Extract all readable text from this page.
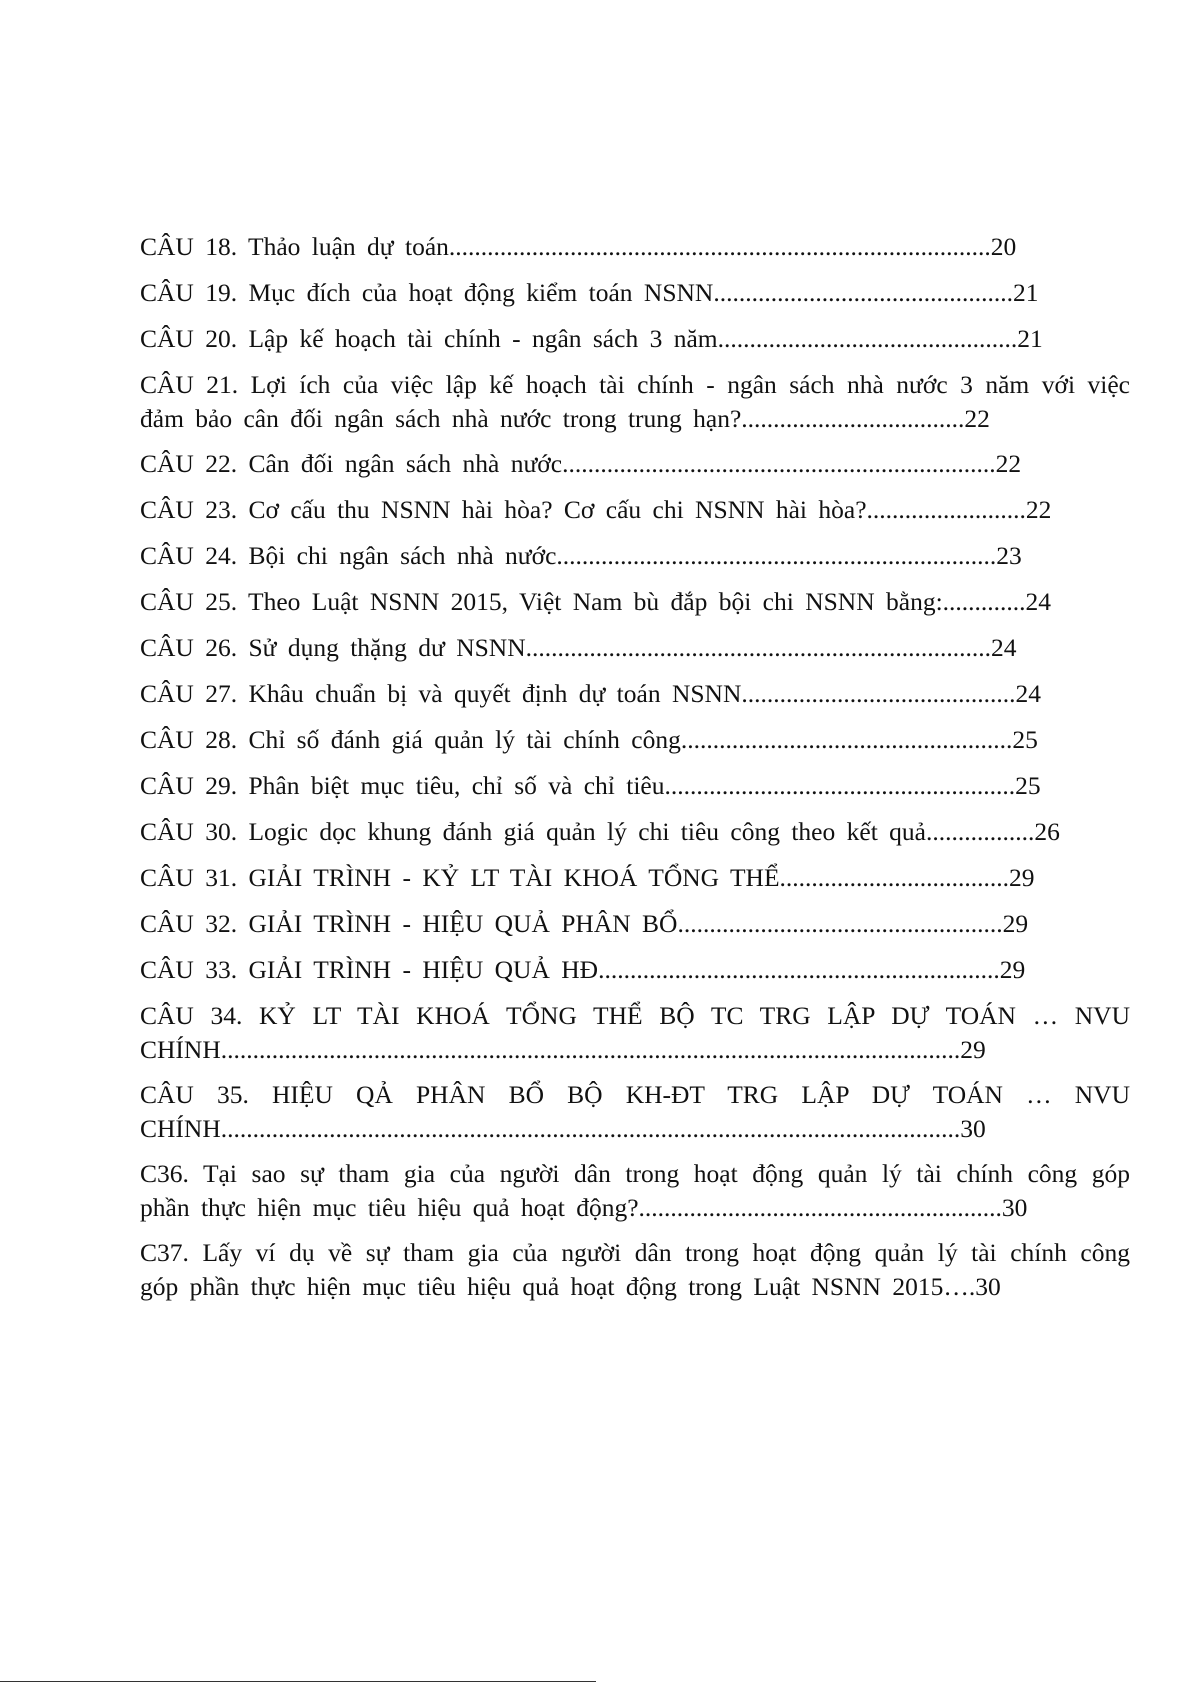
CÂU 18. Thảo luận dự toán.....................................................................................20

CÂU 19. Mục đích của hoạt động kiểm toán NSNN...............................................21

CÂU 20. Lập kế hoạch tài chính - ngân sách 3 năm...............................................21

CÂU 21. Lợi ích của việc lập kế hoạch tài chính - ngân sách nhà nước 3 năm với việc đảm bảo cân đối ngân sách nhà nước trong trung hạn?...................................22

CÂU 22. Cân đối ngân sách nhà nước....................................................................22

CÂU 23. Cơ cấu thu NSNN hài hòa? Cơ cấu chi NSNN hài hòa?.........................22

CÂU 24. Bội chi ngân sách nhà nước.....................................................................23

CÂU 25. Theo Luật NSNN 2015, Việt Nam bù đắp bội chi NSNN bằng:.............24

CÂU 26. Sử dụng thặng dư NSNN.........................................................................24

CÂU 27. Khâu chuẩn bị và quyết định dự toán NSNN...........................................24

CÂU 28. Chỉ số đánh giá quản lý tài chính công....................................................25

CÂU 29. Phân biệt mục tiêu, chỉ số và chỉ tiêu.......................................................25

CÂU 30. Logic dọc khung đánh giá quản lý chi tiêu công theo kết quả.................26

CÂU 31. GIẢI TRÌNH - KỶ LT TÀI KHOÁ TỔNG THỂ....................................29

CÂU 32. GIẢI TRÌNH - HIỆU QUẢ PHÂN BỔ...................................................29

CÂU 33. GIẢI TRÌNH - HIỆU QUẢ HĐ...............................................................29

CÂU 34. KỶ LT TÀI KHOÁ TỔNG THỂ BỘ TC TRG LẬP DỰ TOÁN … NVU CHÍNH....................................................................................................................29

CÂU 35. HIỆU QẢ PHÂN BỔ BỘ KH-ĐT TRG LẬP DỰ TOÁN … NVU CHÍNH....................................................................................................................30

C36. Tại sao sự tham gia của người dân trong hoạt động quản lý tài chính công góp phần thực hiện mục tiêu hiệu quả hoạt động?.........................................................30

C37. Lấy ví dụ về sự tham gia của người dân trong hoạt động quản lý tài chính công góp phần thực hiện mục tiêu hiệu quả hoạt động trong Luật NSNN 2015….30
